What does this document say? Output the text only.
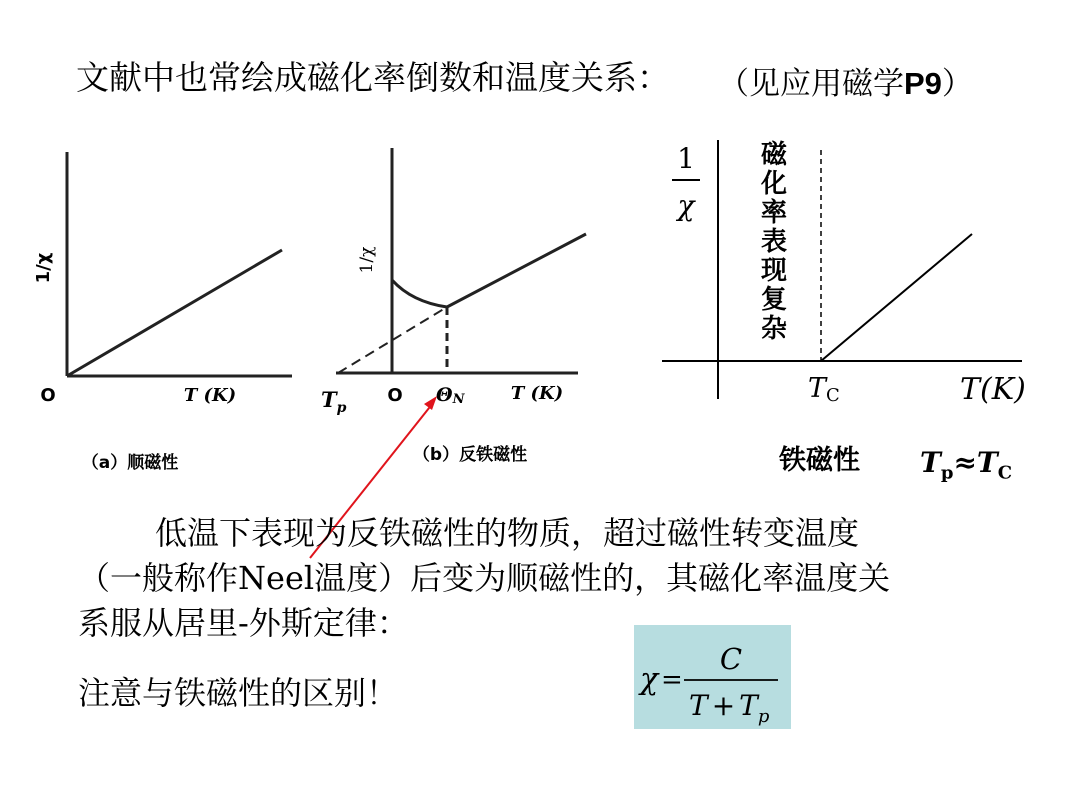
文献中也常绘成磁化率倒数和温度关系： （见应用磁学P9）
1/χ
O	T (K)
（a）顺磁性
1/χ
$T_p$
O ΘN	T (K)
（b）反铁磁性
1
χ
TC	T(K)
磁
化
率
表
现
复
杂
铁磁性 $T_p\approx T_C$
低温下表现为反铁磁性的物质，超过磁性转变温度
（一般称作Neel温度）后变为顺磁性的，其磁化率温度关
系服从居里-外斯定律：
注意与铁磁性的区别！	χ =
C
$T + T_p$
